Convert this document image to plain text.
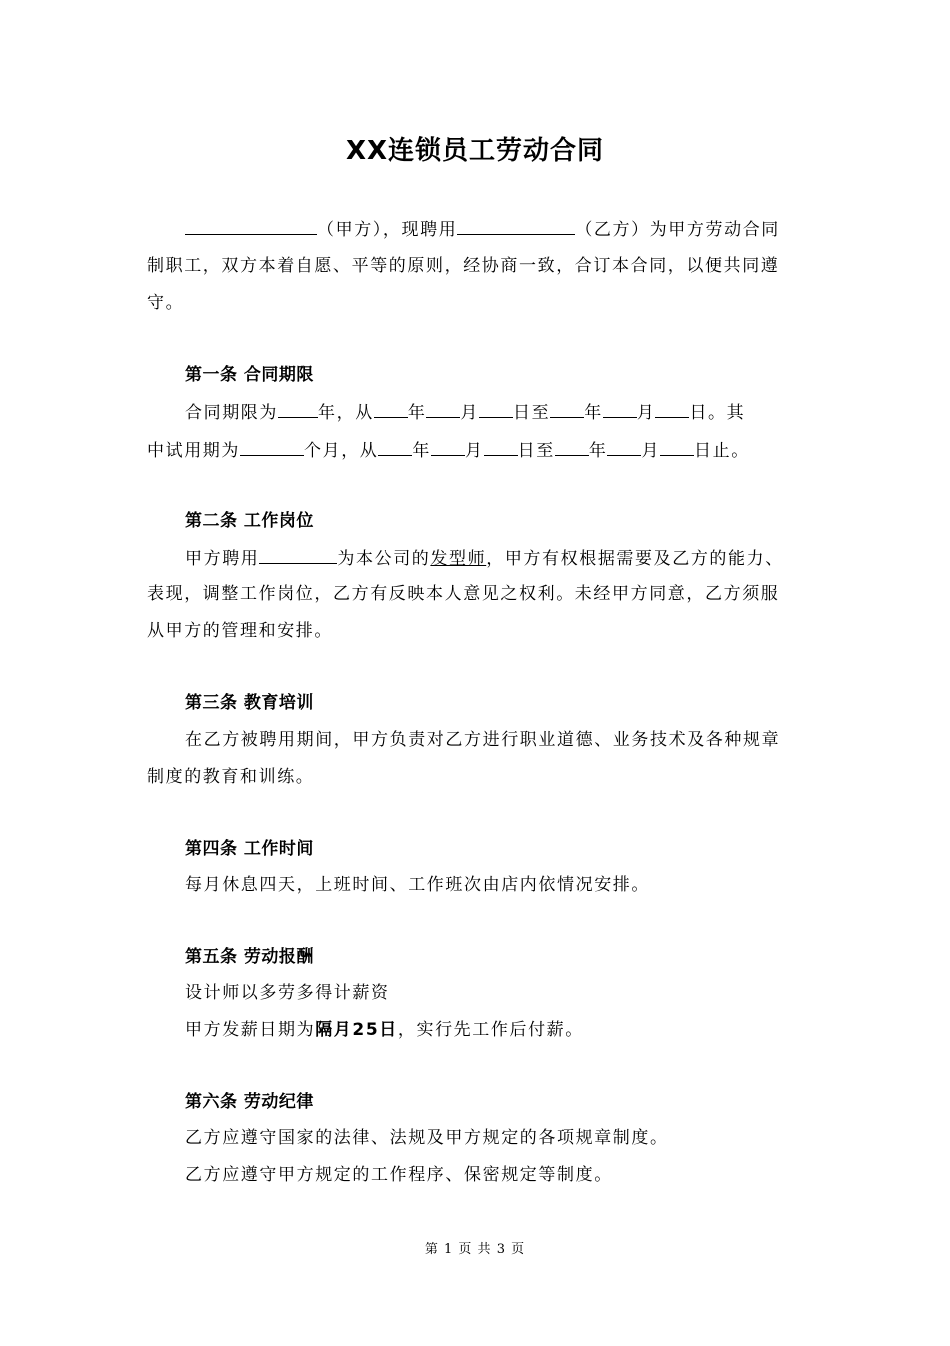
XX连锁员工劳动合同
（甲方），现聘用	（乙方）为甲方劳动合同
制职工，双方本着自愿、平等的原则，经协商一致，合订本合同，以便共同遵
守。
第一条 合同期限
合同期限为 年，从 年 月 日至 年 月 日。其
中试用期为	个月，从 年 月 日至 年 月 日止。
第二条 工作岗位
甲方聘用	为本公司的发型师，甲方有权根据需要及乙方的能力、
表现，调整工作岗位，乙方有反映本人意见之权利。未经甲方同意，乙方须服
从甲方的管理和安排。
第三条 教育培训
在乙方被聘用期间，甲方负责对乙方进行职业道德、业务技术及各种规章
制度的教育和训练。
第四条 工作时间
每月休息四天，上班时间、工作班次由店内依情况安排。
第五条 劳动报酬
设计师以多劳多得计薪资
甲方发薪日期为隔月25日，实行先工作后付薪。
第六条 劳动纪律
乙方应遵守国家的法律、法规及甲方规定的各项规章制度。
乙方应遵守甲方规定的工作程序、保密规定等制度。
第 1 页 共 3 页
